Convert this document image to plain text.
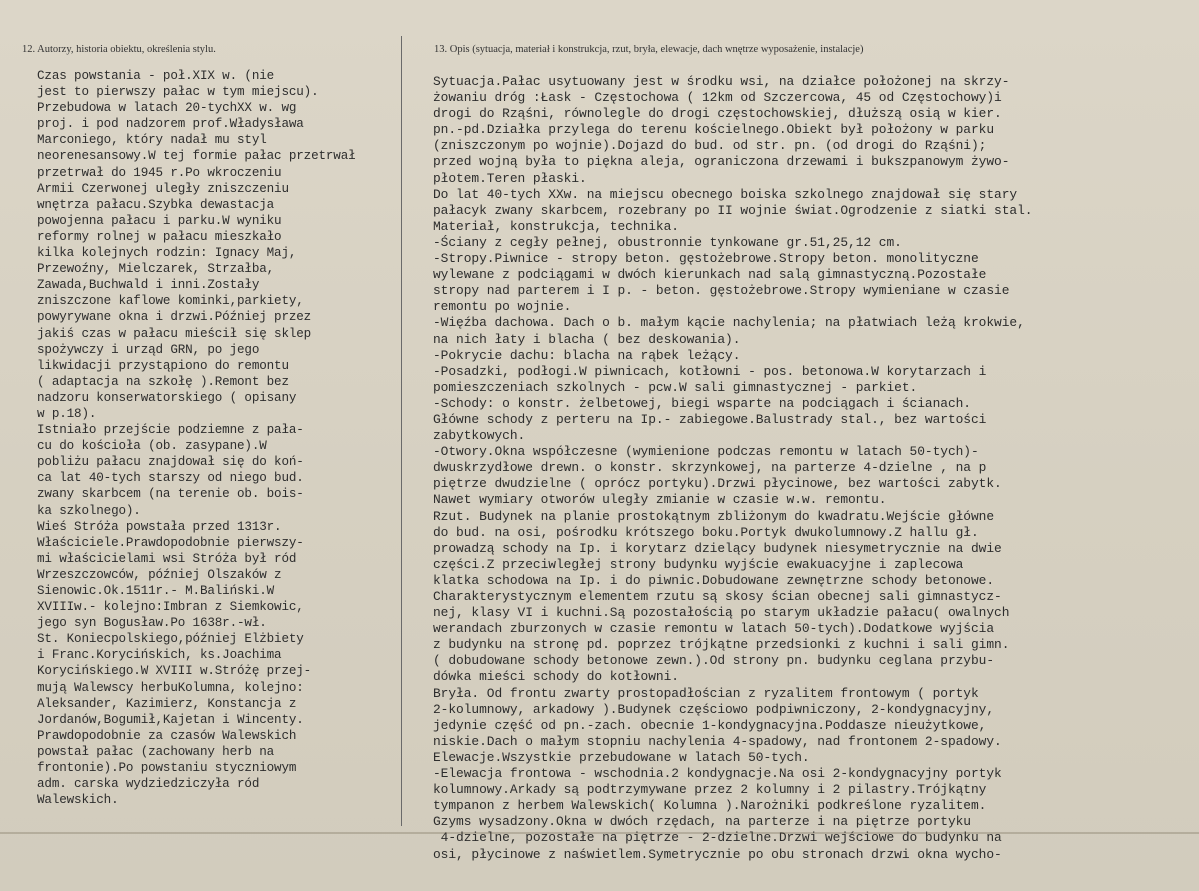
12. Autorzy, historia obiektu, określenia stylu.	13. Opis (sytuacja, materiał i konstrukcja, rzut, bryła, elewacje, dach wnętrze wyposażenie, instalacje)
Czas powstania - poł.XIX w. (nie
jest to pierwszy pałac w tym miejscu).
Przebudowa w latach 20-tychXX w. wg
proj. i pod nadzorem prof.Władysława
Marconiego, który nadał mu styl
neorenesansowy.W tej formie pałac przetrwał
przetrwał do 1945 r.Po wkroczeniu
Armii Czerwonej uległy zniszczeniu
wnętrza pałacu.Szybka dewastacja
powojenna pałacu i parku.W wyniku
reformy rolnej w pałacu mieszkało
kilka kolejnych rodzin: Ignacy Maj,
Przewoźny, Mielczarek, Strzałba,
Zawada,Buchwald i inni.Zostały
zniszczone kaflowe kominki,parkiety,
powyrywane okna i drzwi.Później przez
jakiś czas w pałacu mieścił się sklep
spożywczy i urząd GRN, po jego
likwidacji przystąpiono do remontu
( adaptacja na szkołę ).Remont bez
nadzoru konserwatorskiego ( opisany
w p.18).
Istniało przejście podziemne z pała-
cu do kościoła (ob. zasypane).W
pobliżu pałacu znajdował się do koń-
ca lat 40-tych starszy od niego bud.
zwany skarbcem (na terenie ob. bois-
ka szkolnego).
Wieś Stróża powstała przed 1313r.
Właściciele.Prawdopodobnie pierwszy-
mi właścicielami wsi Stróża był ród
Wrzeszczowców, później Olszaków z
Sienowic.Ok.1511r.- M.Baliński.W
XVIIIw.- kolejno:Imbran z Siemkowic,
jego syn Bogusław.Po 1638r.-wł.
St. Koniecpolskiego,później Elżbiety
i Franc.Korycińskich, ks.Joachima
Korycińskiego.W XVIII w.Stróżę przej-
mują Walewscy herbuKolumna, kolejno:
Aleksander, Kazimierz, Konstancja z
Jordanów,Bogumił,Kajetan i Wincenty.
Prawdopodobnie za czasów Walewskich
powstał pałac (zachowany herb na
frontonie).Po powstaniu styczniowym
adm. carska wydziedziczyła ród
Walewskich.
Sytuacja.Pałac usytuowany jest w środku wsi, na działce położonej na skrzy-
żowaniu dróg :Łask - Częstochowa ( 12km od Szczercowa, 45 od Częstochowy)i
drogi do Rząśni, równolegle do drogi częstochowskiej, dłuższą osią w kier.
pn.-pd.Działka przylega do terenu kościelnego.Obiekt był położony w parku
(zniszczonym po wojnie).Dojazd do bud. od str. pn. (od drogi do Rząśni);
przed wojną była to piękna aleja, ograniczona drzewami i bukszpanowym żywo-
płotem.Teren płaski.
Do lat 40-tych XXw. na miejscu obecnego boiska szkolnego znajdował się stary
pałacyk zwany skarbcem, rozebrany po II wojnie świat.Ogrodzenie z siatki stal.
Materiał, konstrukcja, technika.
-Ściany z cegły pełnej, obustronnie tynkowane gr.51,25,12 cm.
-Stropy.Piwnice - stropy beton. gęstożebrowe.Stropy beton. monolityczne
wylewane z podciągami w dwóch kierunkach nad salą gimnastyczną.Pozostałe
stropy nad parterem i I p. - beton. gęstożebrowe.Stropy wymieniane w czasie
remontu po wojnie.
-Więźba dachowa. Dach o b. małym kącie nachylenia; na płatwiach leżą krokwie,
na nich łaty i blacha ( bez deskowania).
-Pokrycie dachu: blacha na rąbek leżący.
-Posadzki, podłogi.W piwnicach, kotłowni - pos. betonowa.W korytarzach i
pomieszczeniach szkolnych - pcw.W sali gimnastycznej - parkiet.
-Schody: o konstr. żelbetowej, biegi wsparte na podciągach i ścianach.
Główne schody z perteru na Ip.- zabiegowe.Balustrady stal., bez wartości
zabytkowych.
-Otwory.Okna współczesne (wymienione podczas remontu w latach 50-tych)-
dwuskrzydłowe drewn. o konstr. skrzynkowej, na parterze 4-dzielne , na p
piętrze dwudzielne ( oprócz portyku).Drzwi płycinowe, bez wartości zabytk.
Nawet wymiary otworów uległy zmianie w czasie w.w. remontu.
Rzut. Budynek na planie prostokątnym zbliżonym do kwadratu.Wejście główne
do bud. na osi, pośrodku krótszego boku.Portyk dwukolumnowy.Z hallu gł.
prowadzą schody na Ip. i korytarz dzielący budynek niesymetrycznie na dwie
części.Z przeciwległej strony budynku wyjście ewakuacyjne i zaplecowa
klatka schodowa na Ip. i do piwnic.Dobudowane zewnętrzne schody betonowe.
Charakterystycznym elementem rzutu są skosy ścian obecnej sali gimnastycz-
nej, klasy VI i kuchni.Są pozostałością po starym układzie pałacu( owalnych
werandach zburzonych w czasie remontu w latach 50-tych).Dodatkowe wyjścia
z budynku na stronę pd. poprzez trójkątne przedsionki z kuchni i sali gimn.
( dobudowane schody betonowe zewn.).Od strony pn. budynku ceglana przybu-
dówka mieści schody do kotłowni.
Bryła. Od frontu zwarty prostopadłościan z ryzalitem frontowym ( portyk
2-kolumnowy, arkadowy ).Budynek częściowo podpiwniczony, 2-kondygnacyjny,
jedynie część od pn.-zach. obecnie 1-kondygnacyjna.Poddasze nieużytkowe,
niskie.Dach o małym stopniu nachylenia 4-spadowy, nad frontonem 2-spadowy.
Elewacje.Wszystkie przebudowane w latach 50-tych.
-Elewacja frontowa - wschodnia.2 kondygnacje.Na osi 2-kondygnacyjny portyk
kolumnowy.Arkady są podtrzymywane przez 2 kolumny i 2 pilastry.Trójkątny
tympanon z herbem Walewskich( Kolumna ).Narożniki podkreślone ryzalitem.
Gzyms wysadzony.Okna w dwóch rzędach, na parterze i na piętrze portyku
4-dzielne, pozostałe na piętrze - 2-dzielne.Drzwi wejściowe do budynku na
osi, płycinowe z naświetlem.Symetrycznie po obu stronach drzwi okna wycho-
